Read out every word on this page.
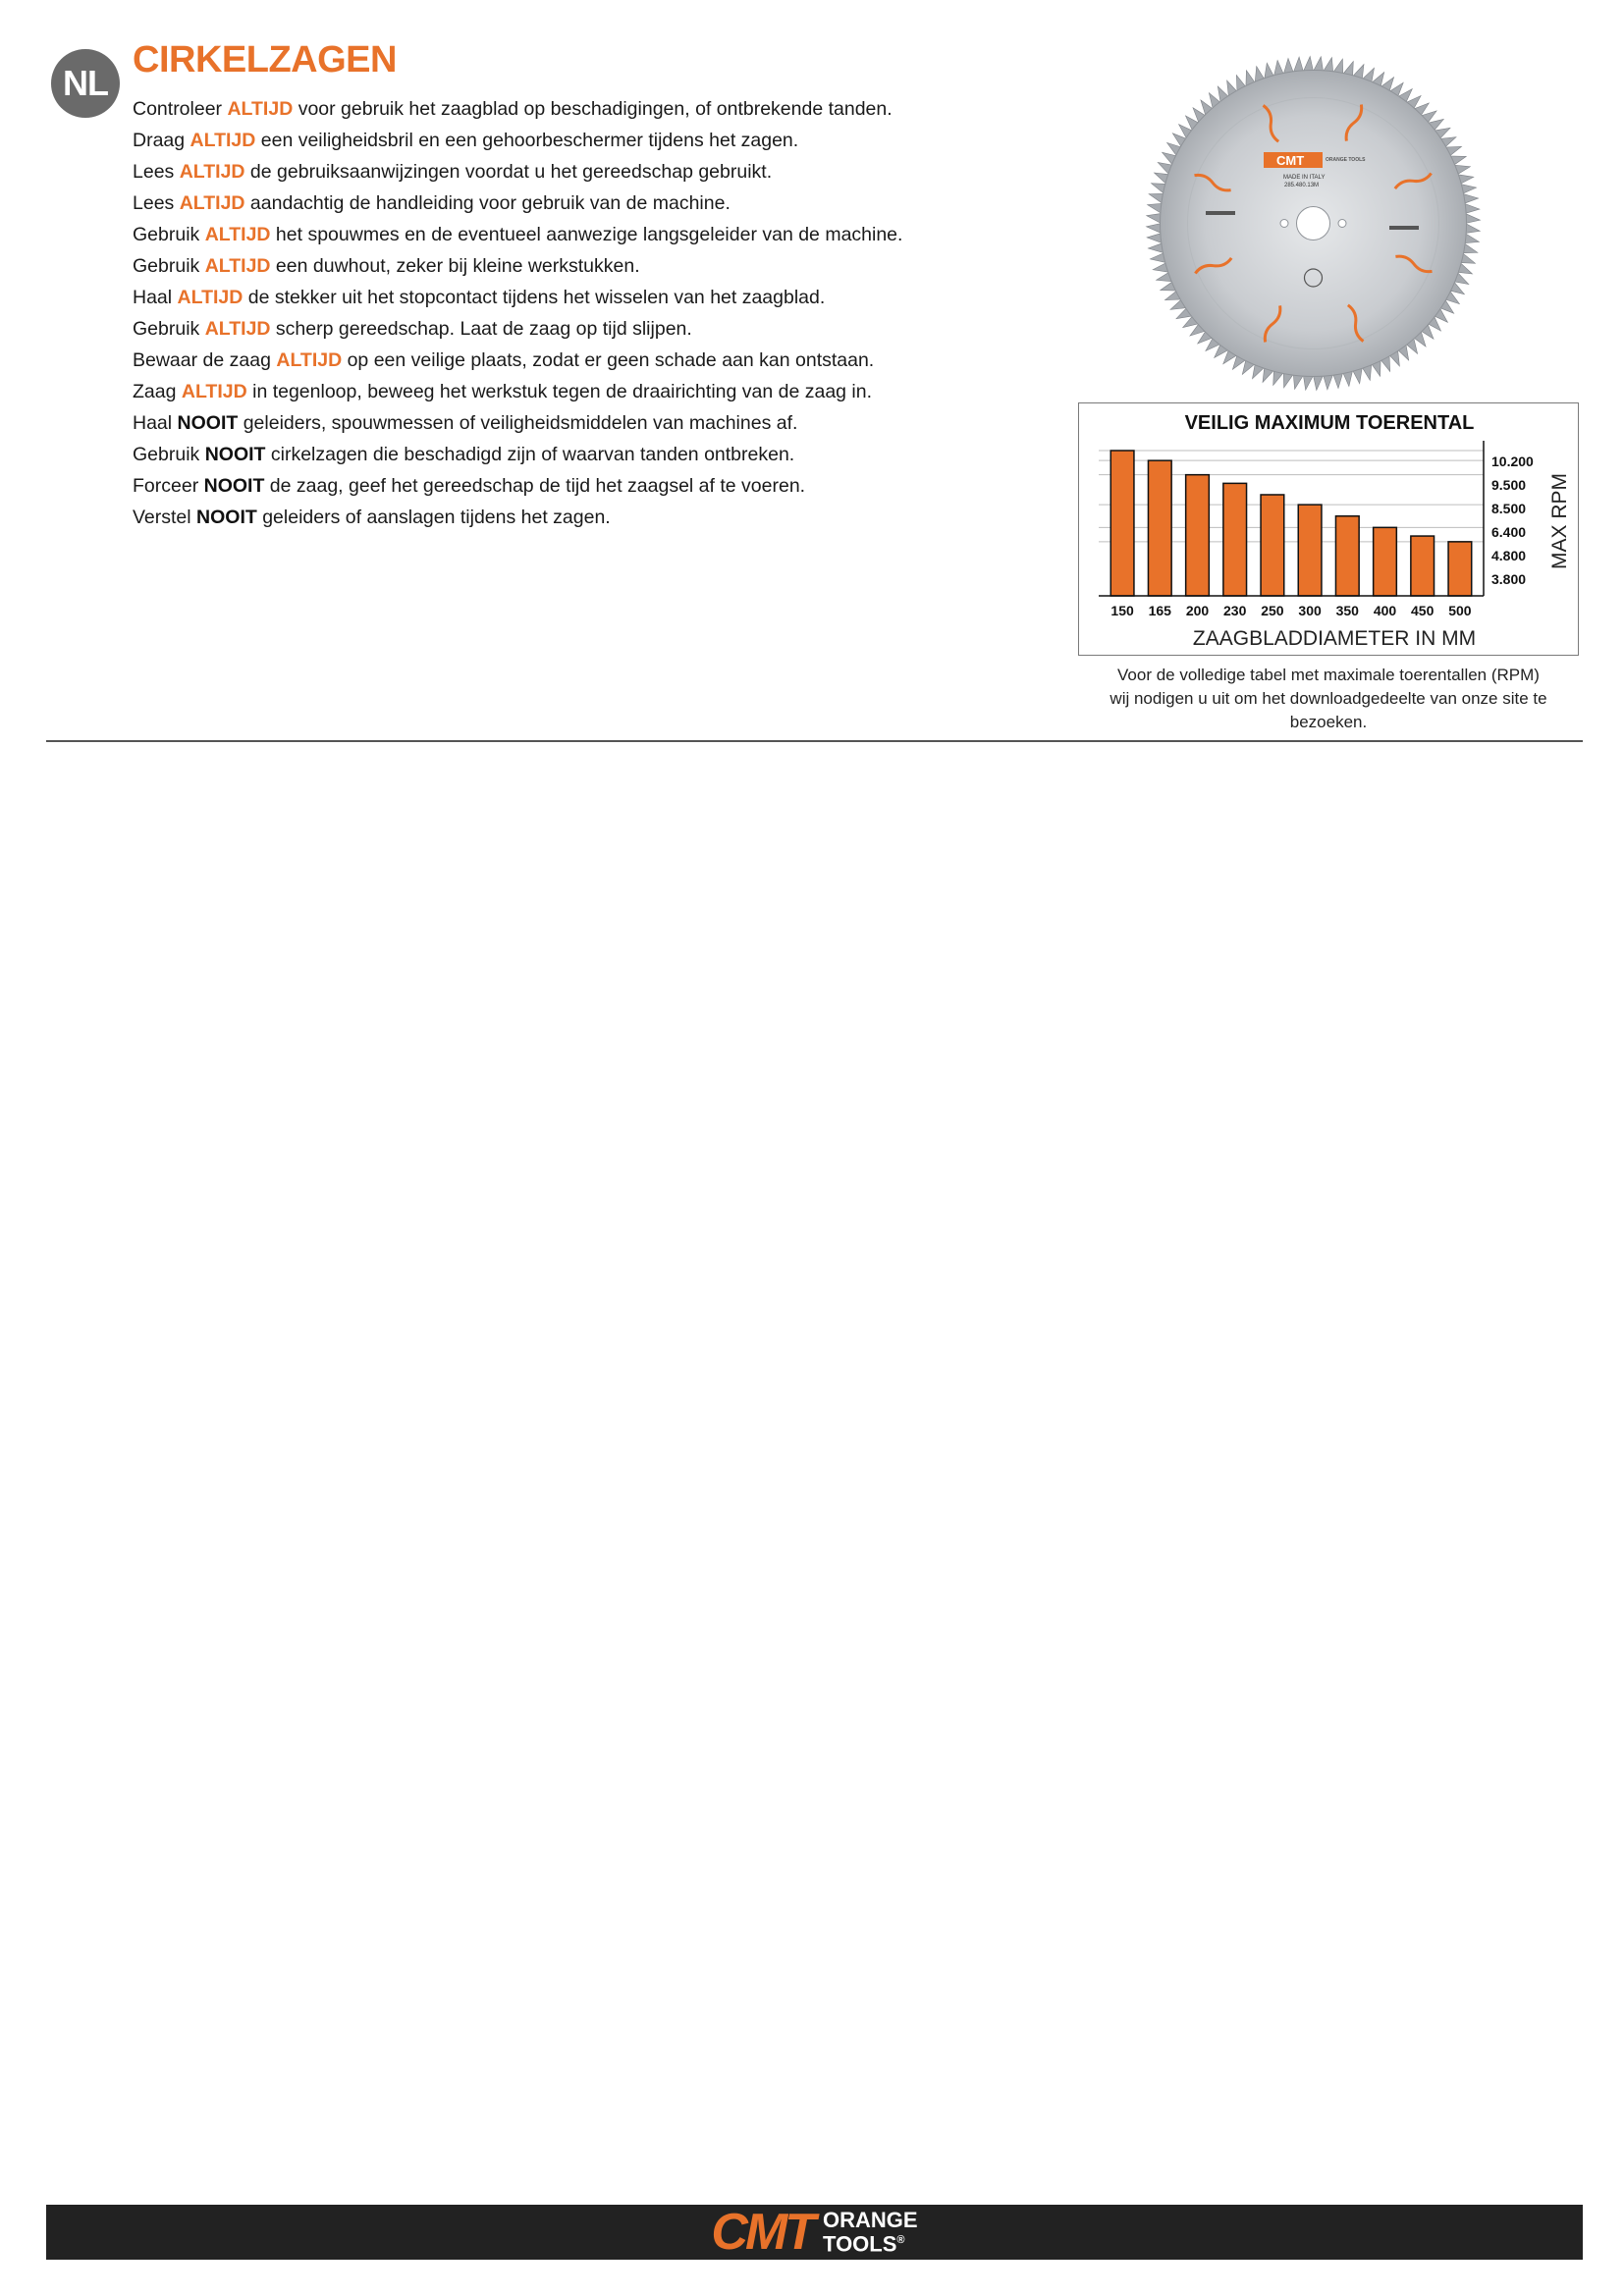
NL
CIRKELZAGEN
Controleer ALTIJD voor gebruik het zaagblad op beschadigingen, of ontbrekende tanden.
Draag ALTIJD een veiligheidsbril en een gehoorbeschermer tijdens het zagen.
Lees ALTIJD de gebruiksaanwijzingen voordat u het gereedschap gebruikt.
Lees ALTIJD aandachtig de handleiding voor gebruik van de machine.
Gebruik ALTIJD het spouwmes en de eventueel aanwezige langsgeleider van de machine.
Gebruik ALTIJD een duwhout, zeker bij kleine werkstukken.
Haal ALTIJD de stekker uit het stopcontact tijdens het wisselen van het zaagblad.
Gebruik ALTIJD scherp gereedschap. Laat de zaag op tijd slijpen.
Bewaar de zaag ALTIJD op een veilige plaats, zodat er geen schade aan kan ontstaan.
Zaag ALTIJD in tegenloop, beweeg het werkstuk tegen de draairichting van de zaag in.
Haal NOOIT geleiders, spouwmessen of veiligheidsmiddelen van machines af.
Gebruik NOOIT cirkelzagen die beschadigd zijn of waarvan tanden ontbreken.
Forceer NOOIT de zaag, geef het gereedschap de tijd het zaagsel af te voeren.
Verstel NOOIT geleiders of aanslagen tijdens het zagen.
CMT	ORANGE TOOLS
MADE IN ITALY
285.480.13M
VEILIG MAXIMUM TOERENTAL
150 165 200 230 250 300 350 400 450 500
10.200
9.500
8.500
6.400
4.800
3.800
ZAAGBLADDIAMETER IN MM
MAX RPM
Voor de volledige tabel met maximale toerentallen (RPM)
wij nodigen u uit om het downloadgedeelte van onze site te bezoeken.
CMT ORANGE
TOOLS®
